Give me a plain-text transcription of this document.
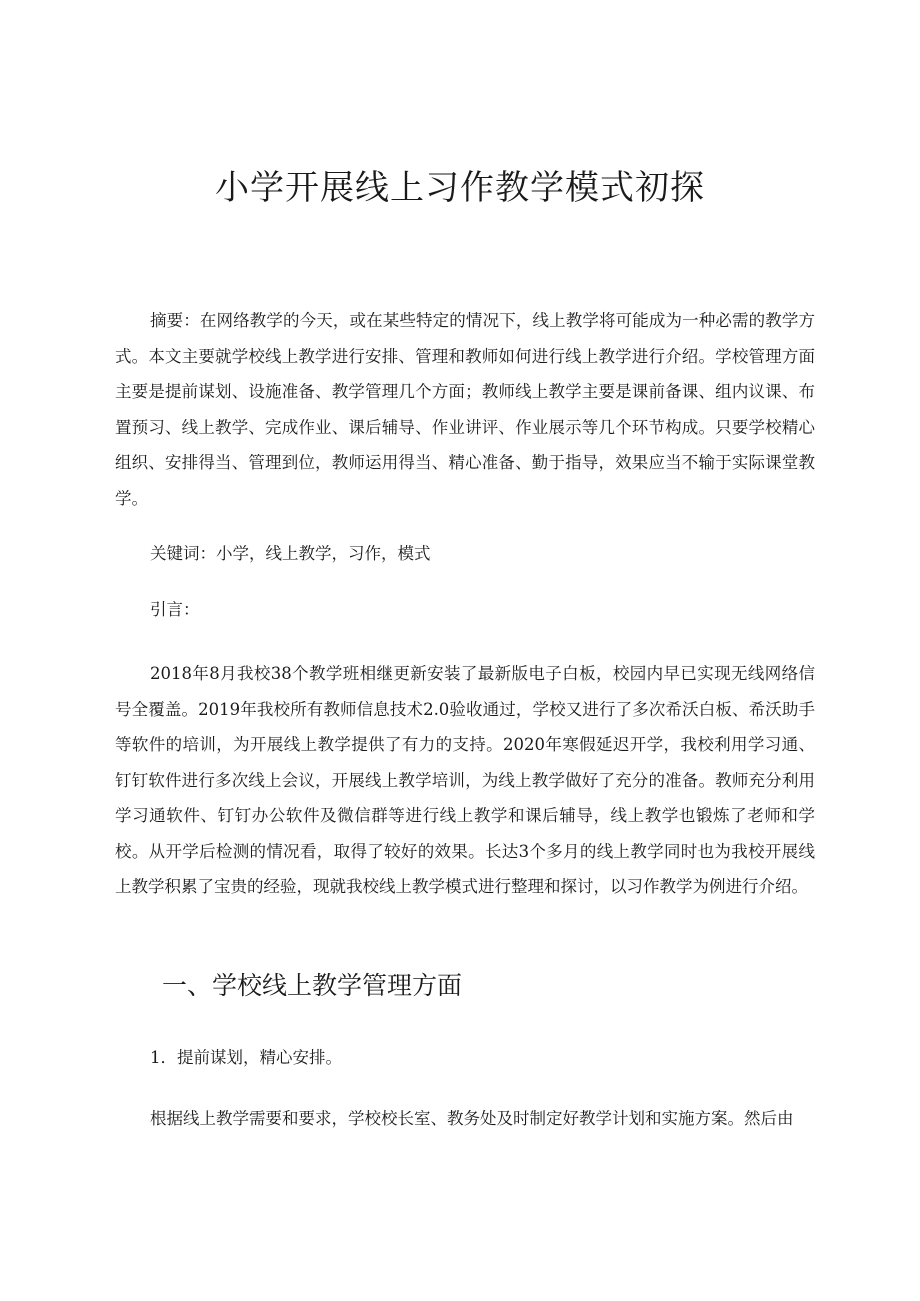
小学开展线上习作教学模式初探

摘要：在网络教学的今天，或在某些特定的情况下，线上教学将可能成为一种必需的教学方式。本文主要就学校线上教学进行安排、管理和教师如何进行线上教学进行介绍。学校管理方面主要是提前谋划、设施准备、教学管理几个方面；教师线上教学主要是课前备课、组内议课、布置预习、线上教学、完成作业、课后辅导、作业讲评、作业展示等几个环节构成。只要学校精心组织、安排得当、管理到位，教师运用得当、精心准备、勤于指导，效果应当不输于实际课堂教学。

关键词：小学，线上教学，习作，模式

引言：

2018年8月我校38个教学班相继更新安装了最新版电子白板，校园内早已实现无线网络信号全覆盖。2019年我校所有教师信息技术2.0验收通过，学校又进行了多次希沃白板、希沃助手等软件的培训，为开展线上教学提供了有力的支持。2020年寒假延迟开学，我校利用学习通、钉钉软件进行多次线上会议，开展线上教学培训，为线上教学做好了充分的准备。教师充分利用学习通软件、钉钉办公软件及微信群等进行线上教学和课后辅导，线上教学也锻炼了老师和学校。从开学后检测的情况看，取得了较好的效果。长达3个多月的线上教学同时也为我校开展线上教学积累了宝贵的经验，现就我校线上教学模式进行整理和探讨，以习作教学为例进行介绍。

一、学校线上教学管理方面

1．提前谋划，精心安排。

根据线上教学需要和要求，学校校长室、教务处及时制定好教学计划和实施方案。然后由
